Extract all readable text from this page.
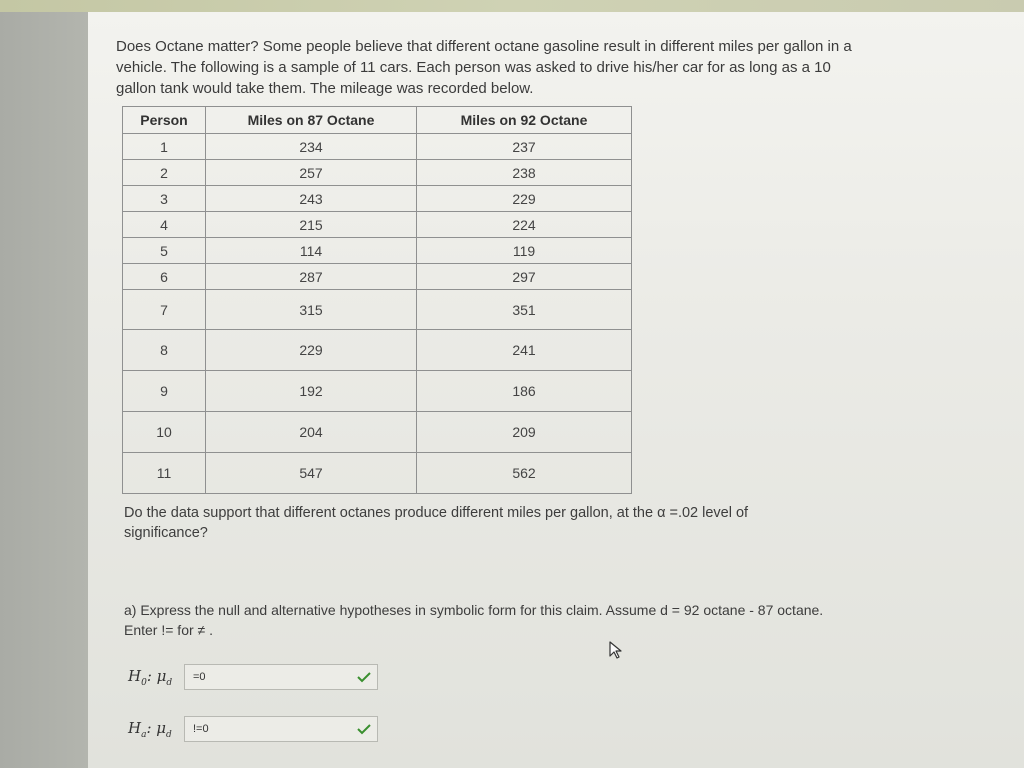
Does Octane matter? Some people believe that different octane gasoline result in different miles per gallon in a vehicle. The following is a sample of 11 cars. Each person was asked to drive his/her car for as long as a 10 gallon tank would take them. The mileage was recorded below.
Person	Miles on 87 Octane	Miles on 92 Octane
1	234	237
2	257	238
3	243	229
4	215	224
5	114	119
6	287	297
7	315	351
8	229	241
9	192	186
10	204	209
11	547	562
Do the data support that different octanes produce different miles per gallon, at the α =.02 level of significance?
a) Express the null and alternative hypotheses in symbolic form for this claim. Assume d = 92 octane - 87 octane. Enter != for ≠ .
$H_0$: $\mu_d$	=0
$H_a$: $\mu_d$	!=0
